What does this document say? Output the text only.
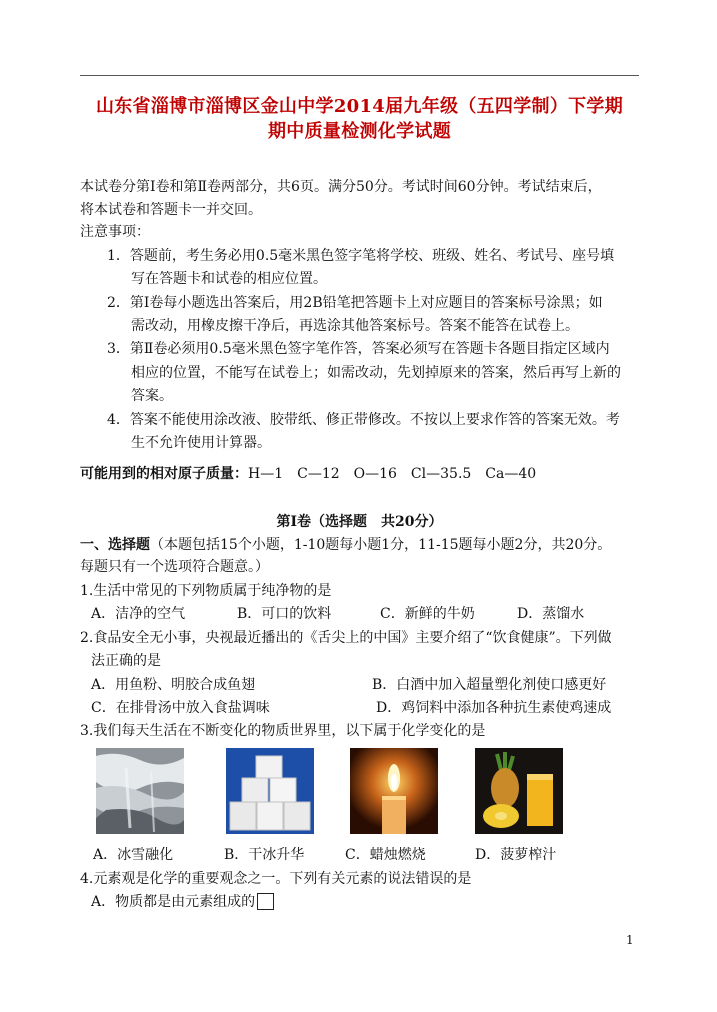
山东省淄博市淄博区金山中学2014届九年级（五四学制）下学期
期中质量检测化学试题
本试卷分第Ⅰ卷和第Ⅱ卷两部分，共6页。满分50分。考试时间60分钟。考试结束后，
将本试卷和答题卡一并交回。
注意事项：
1．答题前，考生务必用0.5毫米黑色签字笔将学校、班级、姓名、考试号、座号填
写在答题卡和试卷的相应位置。
2．第Ⅰ卷每小题选出答案后，用2B铅笔把答题卡上对应题目的答案标号涂黑；如
需改动，用橡皮擦干净后，再选涂其他答案标号。答案不能答在试卷上。
3．第Ⅱ卷必须用0.5毫米黑色签字笔作答，答案必须写在答题卡各题目指定区域内
相应的位置，不能写在试卷上；如需改动，先划掉原来的答案，然后再写上新的
答案。
4．答案不能使用涂改液、胶带纸、修正带修改。不按以上要求作答的答案无效。考
生不允许使用计算器。
可能用到的相对原子质量：H—1　C—12　O—16　Cl—35.5　Ca—40
第Ⅰ卷（选择题　共20分）
一、选择题（本题包括15个小题，1-10题每小题1分，11-15题每小题2分，共20分。
每题只有一个选项符合题意。）
1.生活中常见的下列物质属于纯净物的是
A．洁净的空气	B．可口的饮料	C．新鲜的牛奶	D．蒸馏水
2.食品安全无小事，央视最近播出的《舌尖上的中国》主要介绍了“饮食健康”。下列做
法正确的是
A．用鱼粉、明胶合成鱼翅	B．白酒中加入超量塑化剂使口感更好
C．在排骨汤中放入食盐调味	D．鸡饲料中添加各种抗生素使鸡速成
3.我们每天生活在不断变化的物质世界里，以下属于化学变化的是
A．冰雪融化	B．干冰升华	C．蜡烛燃烧	D．菠萝榨汁
4.元素观是化学的重要观念之一。下列有关元素的说法错误的是
A．物质都是由元素组成的
1
